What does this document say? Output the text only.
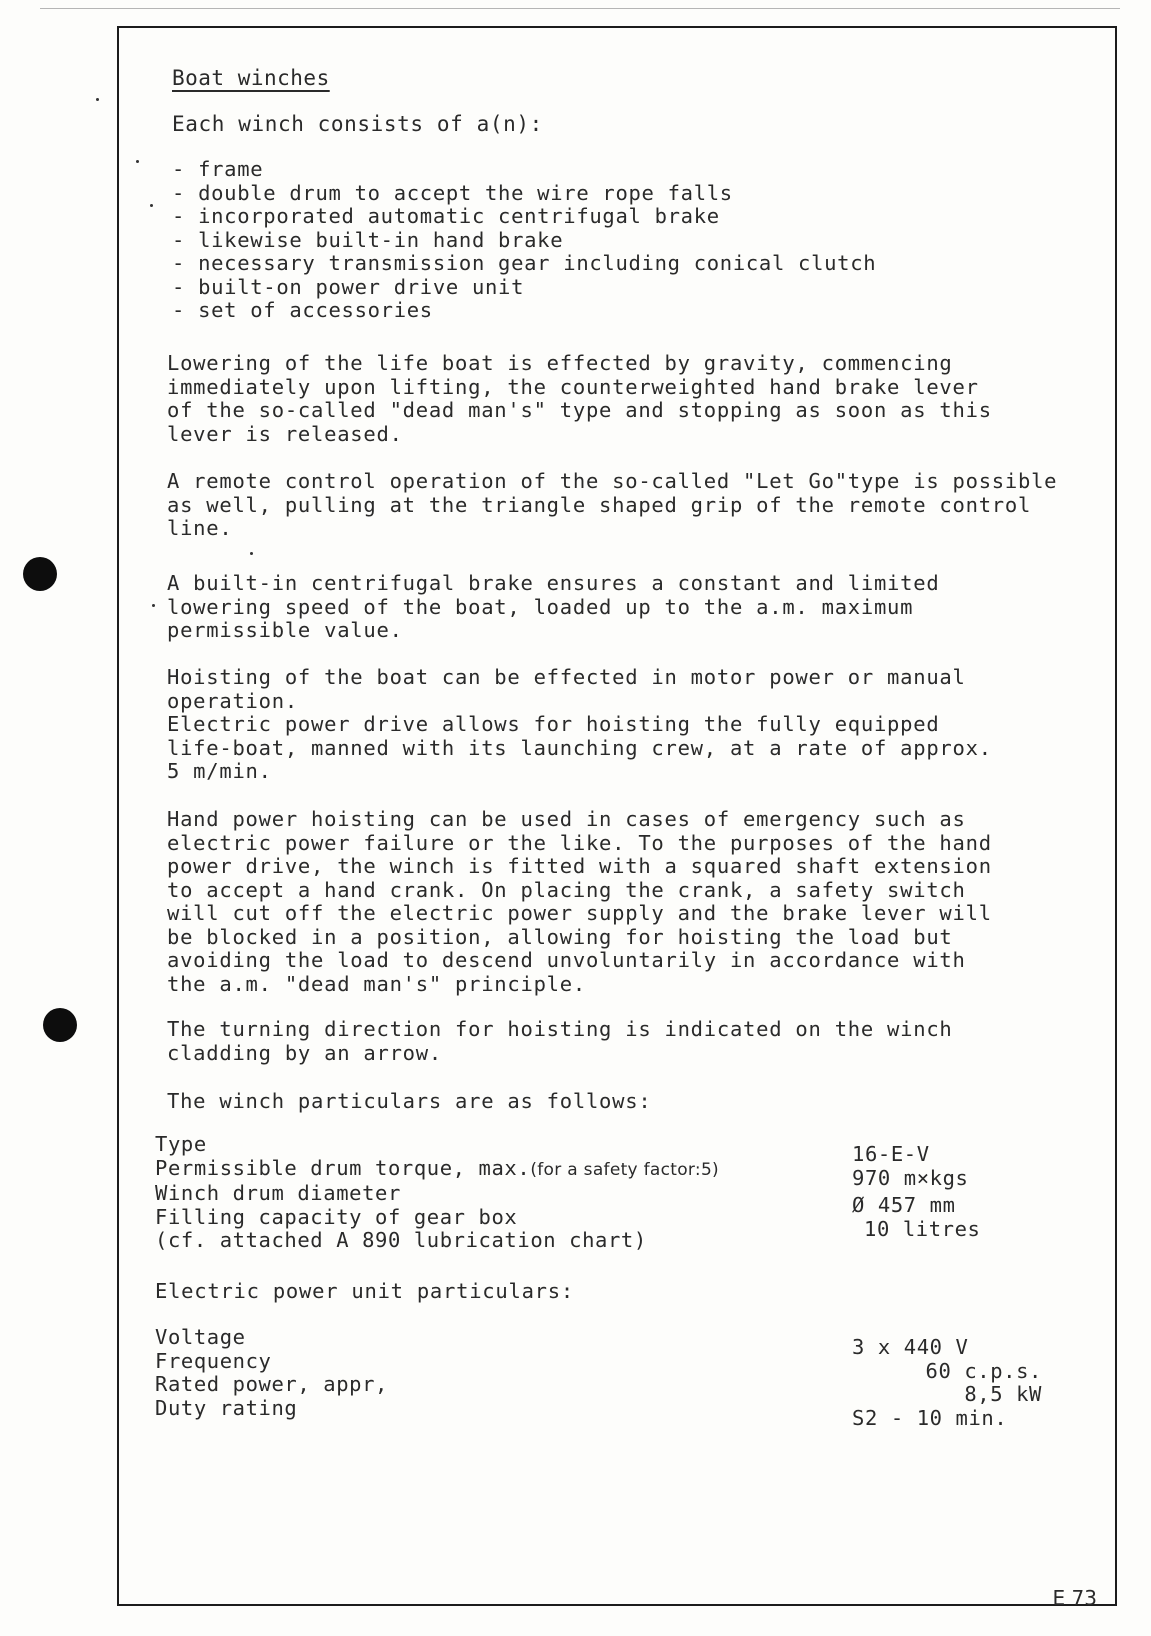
E 73

Boat winches

Each winch consists of a(n):

- frame
- double drum to accept the wire rope falls
- incorporated automatic centrifugal brake
- likewise built-in hand brake
- necessary transmission gear including conical clutch
- built-on power drive unit
- set of accessories

Lowering of the life boat is effected by gravity, commencing
immediately upon lifting, the counterweighted hand brake lever
of the so-called "dead man's" type and stopping as soon as this
lever is released.

A remote control operation of the so-called "Let Go"type is possible
as well, pulling at the triangle shaped grip of the remote control
line.

A built-in centrifugal brake ensures a constant and limited
lowering speed of the boat, loaded up to the a.m. maximum
permissible value.

Hoisting of the boat can be effected in motor power or manual
operation.
Electric power drive allows for hoisting the fully equipped
life-boat, manned with its launching crew, at a rate of approx.
5 m/min.

Hand power hoisting can be used in cases of emergency such as
electric power failure or the like. To the purposes of the hand
power drive, the winch is fitted with a squared shaft extension
to accept a hand crank. On placing the crank, a safety switch
will cut off the electric power supply and the brake lever will
be blocked in a position, allowing for hoisting the load but
avoiding the load to descend unvoluntarily in accordance with
the a.m. "dead man's" principle.

The turning direction for hoisting is indicated on the winch
cladding by an arrow.

The winch particulars are as follows:

Type
Permissible drum torque, max.(for a safety factor:5)
Winch drum diameter
Filling capacity of gear box
(cf. attached A 890 lubrication chart)
16-E-V
970 m×kgs
Ø 457 mm
10 litres

Electric power unit particulars:

Voltage
Frequency
Rated power, appr,
Duty rating
3 x 440 V
60 c.p.s.
8,5 kW
S2 - 10 min.
